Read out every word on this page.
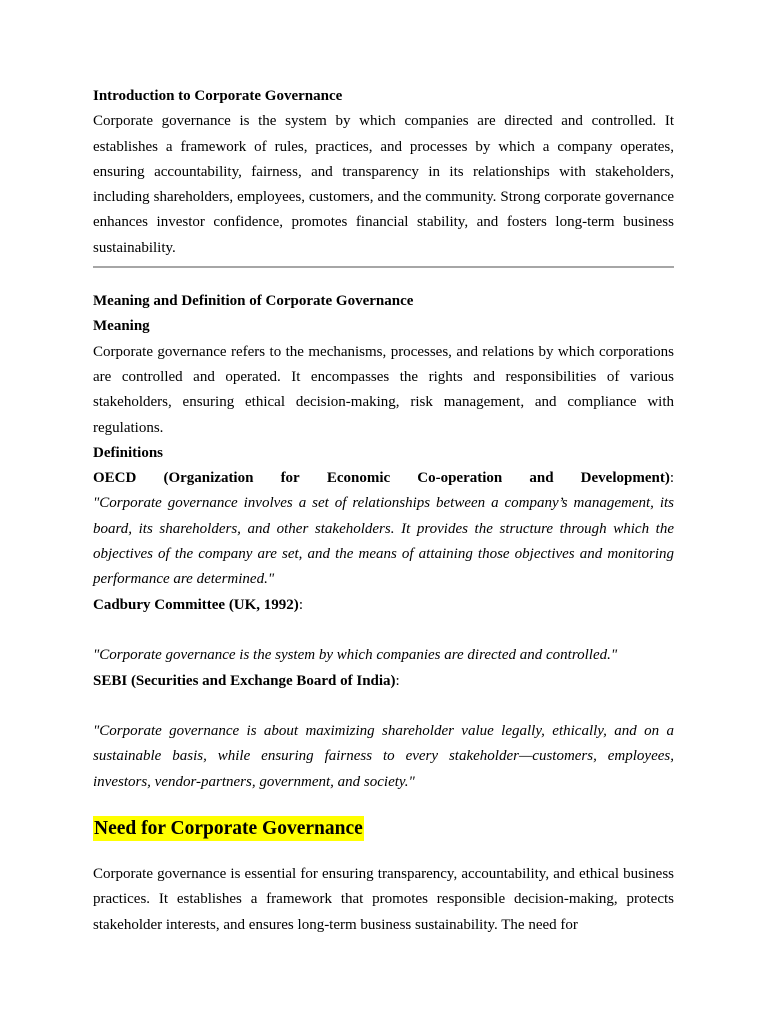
Introduction to Corporate Governance

Corporate governance is the system by which companies are directed and controlled. It establishes a framework of rules, practices, and processes by which a company operates, ensuring accountability, fairness, and transparency in its relationships with stakeholders, including shareholders, employees, customers, and the community. Strong corporate governance enhances investor confidence, promotes financial stability, and fosters long-term business sustainability.

Meaning and Definition of Corporate Governance

Meaning

Corporate governance refers to the mechanisms, processes, and relations by which corporations are controlled and operated. It encompasses the rights and responsibilities of various stakeholders, ensuring ethical decision-making, risk management, and compliance with regulations.

Definitions

OECD (Organization for Economic Co-operation and Development):

"Corporate governance involves a set of relationships between a company’s management, its board, its shareholders, and other stakeholders. It provides the structure through which the objectives of the company are set, and the means of attaining those objectives and monitoring performance are determined."

Cadbury Committee (UK, 1992):

"Corporate governance is the system by which companies are directed and controlled."

SEBI (Securities and Exchange Board of India):

"Corporate governance is about maximizing shareholder value legally, ethically, and on a sustainable basis, while ensuring fairness to every stakeholder—customers, employees, investors, vendor-partners, government, and society."

Need for Corporate Governance

Corporate governance is essential for ensuring transparency, accountability, and ethical business practices. It establishes a framework that promotes responsible decision-making, protects stakeholder interests, and ensures long-term business sustainability. The need for
